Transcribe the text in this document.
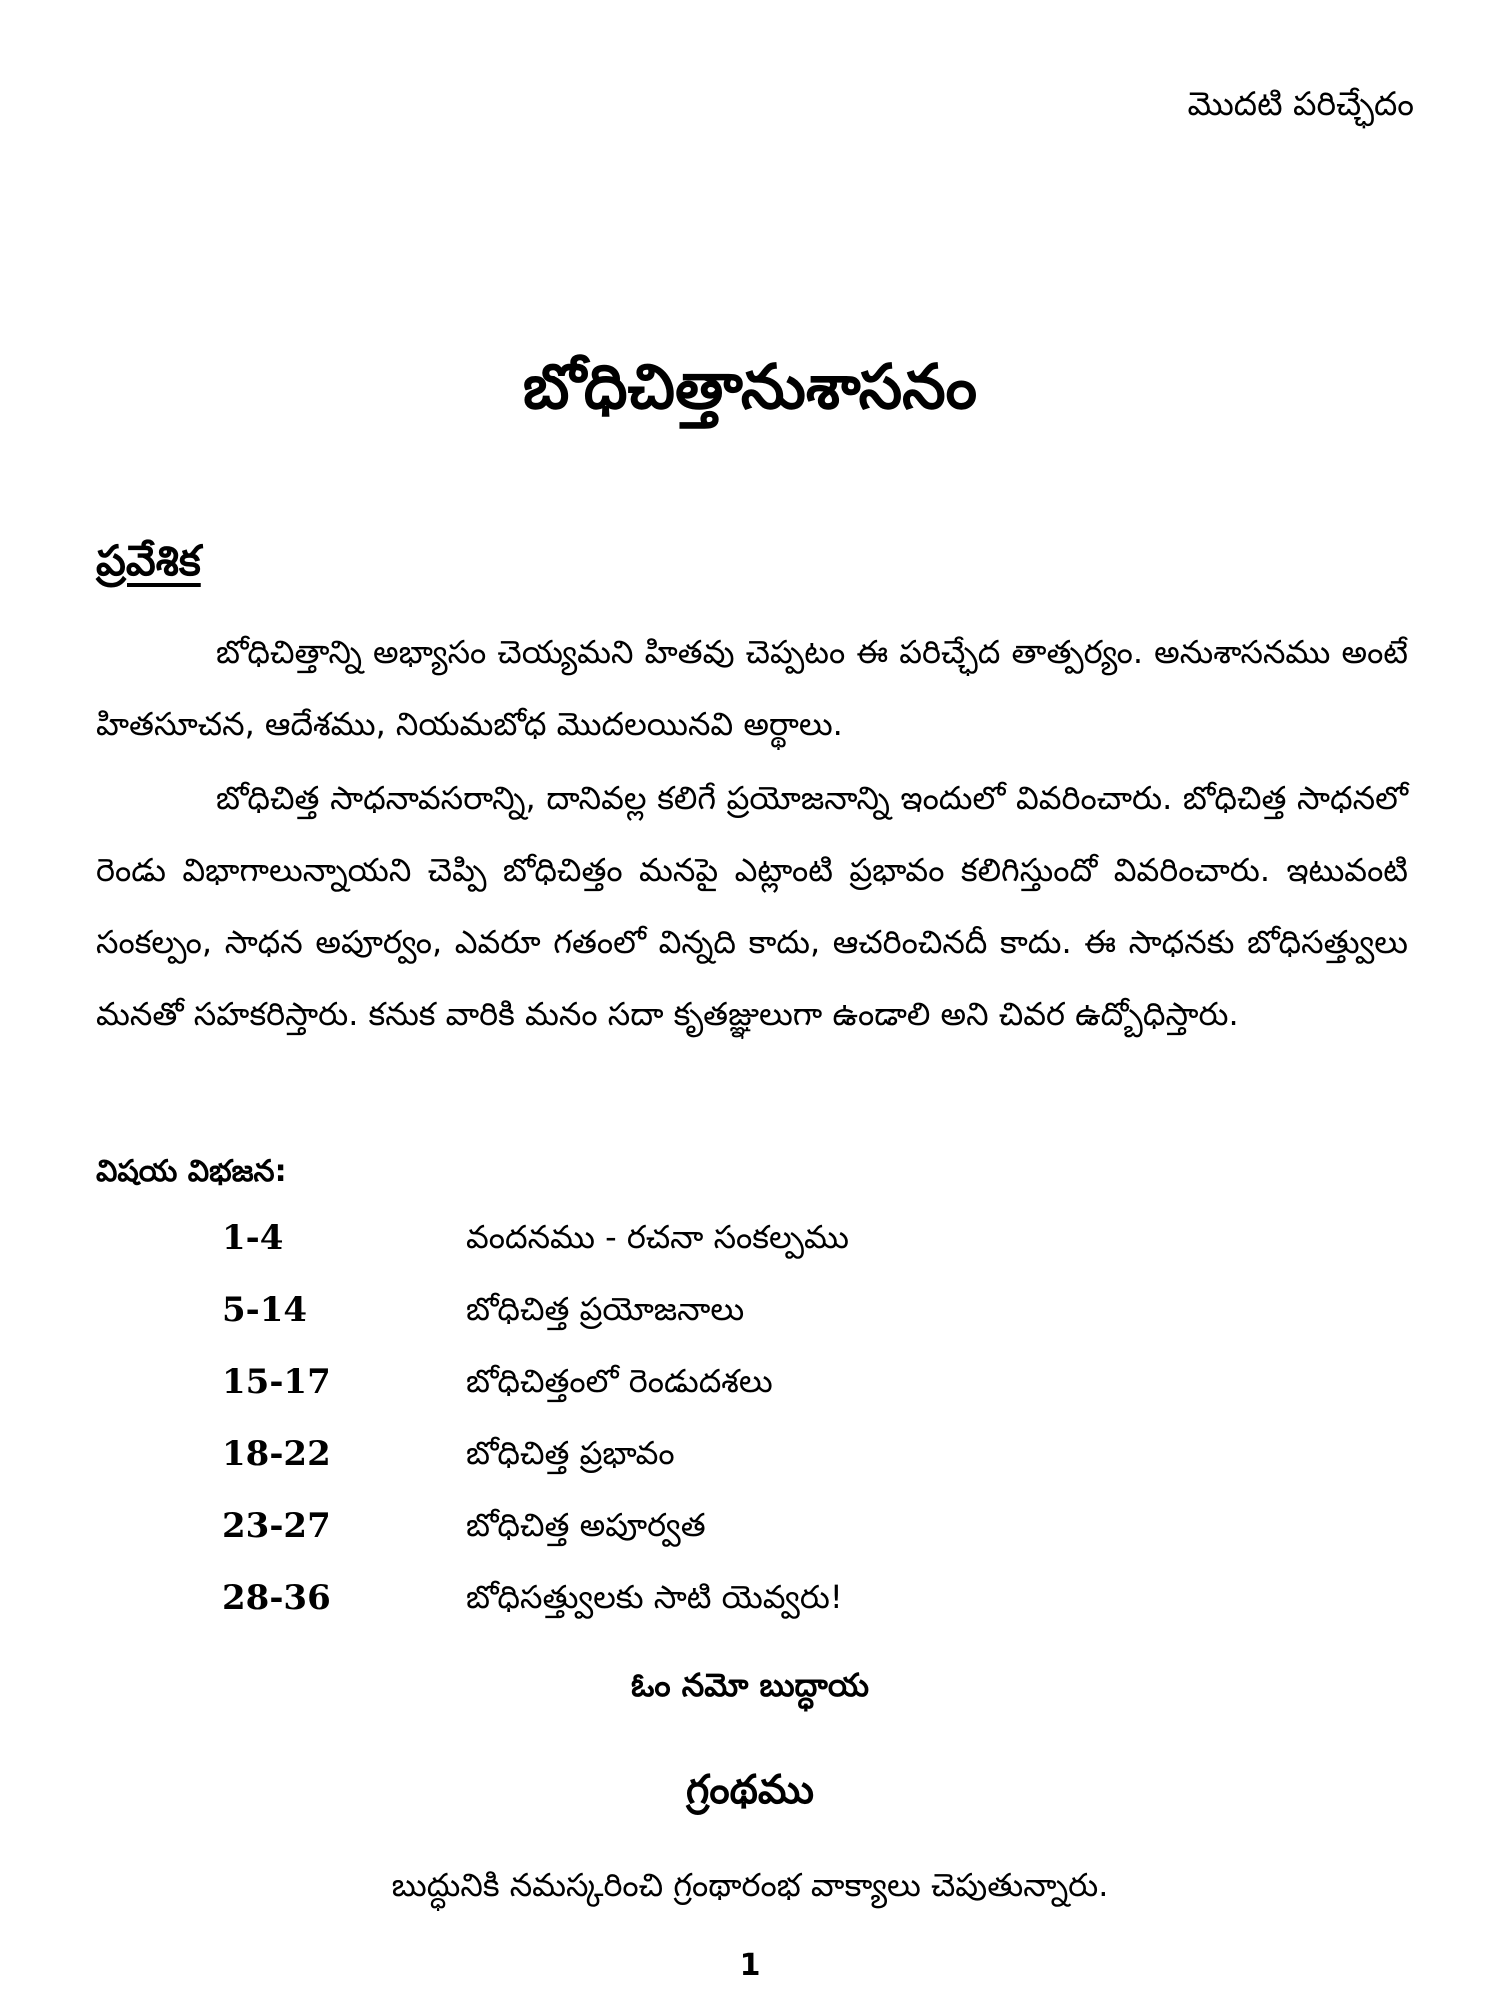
మొదటి పరిచ్ఛేదం
బోధిచిత్తానుశాసనం
ప్రవేశిక

బోధిచిత్తాన్ని అభ్యాసం చెయ్యమని హితవు చెప్పటం ఈ పరిచ్ఛేద తాత్పర్యం. అనుశాసనము అంటే హితసూచన, ఆదేశము, నియమబోధ మొదలయినవి అర్థాలు.

బోధిచిత్త సాధనావసరాన్ని, దానివల్ల కలిగే ప్రయోజనాన్ని ఇందులో వివరించారు. బోధిచిత్త సాధనలో రెండు విభాగాలున్నాయని చెప్పి బోధిచిత్తం మనపై ఎట్లాంటి ప్రభావం కలిగిస్తుందో వివరించారు. ఇటువంటి సంకల్పం, సాధన అపూర్వం, ఎవరూ గతంలో విన్నది కాదు, ఆచరించినదీ కాదు. ఈ సాధనకు బోధిసత్త్వులు మనతో సహకరిస్తారు. కనుక వారికి మనం సదా కృతజ్ఞులుగా ఉండాలి అని చివర ఉద్బోధిస్తారు.

విషయ విభజన:
1-4	వందనము - రచనా సంకల్పము
5-14	బోధిచిత్త ప్రయోజనాలు
15-17	బోధిచిత్తంలో రెండుదశలు
18-22	బోధిచిత్త ప్రభావం
23-27	బోధిచిత్త అపూర్వత
28-36	బోధిసత్త్వులకు సాటి యెవ్వరు!
ఓం నమో బుద్ధాయ
గ్రంథము
బుద్ధునికి నమస్కరించి గ్రంథారంభ వాక్యాలు చెపుతున్నారు.
1
